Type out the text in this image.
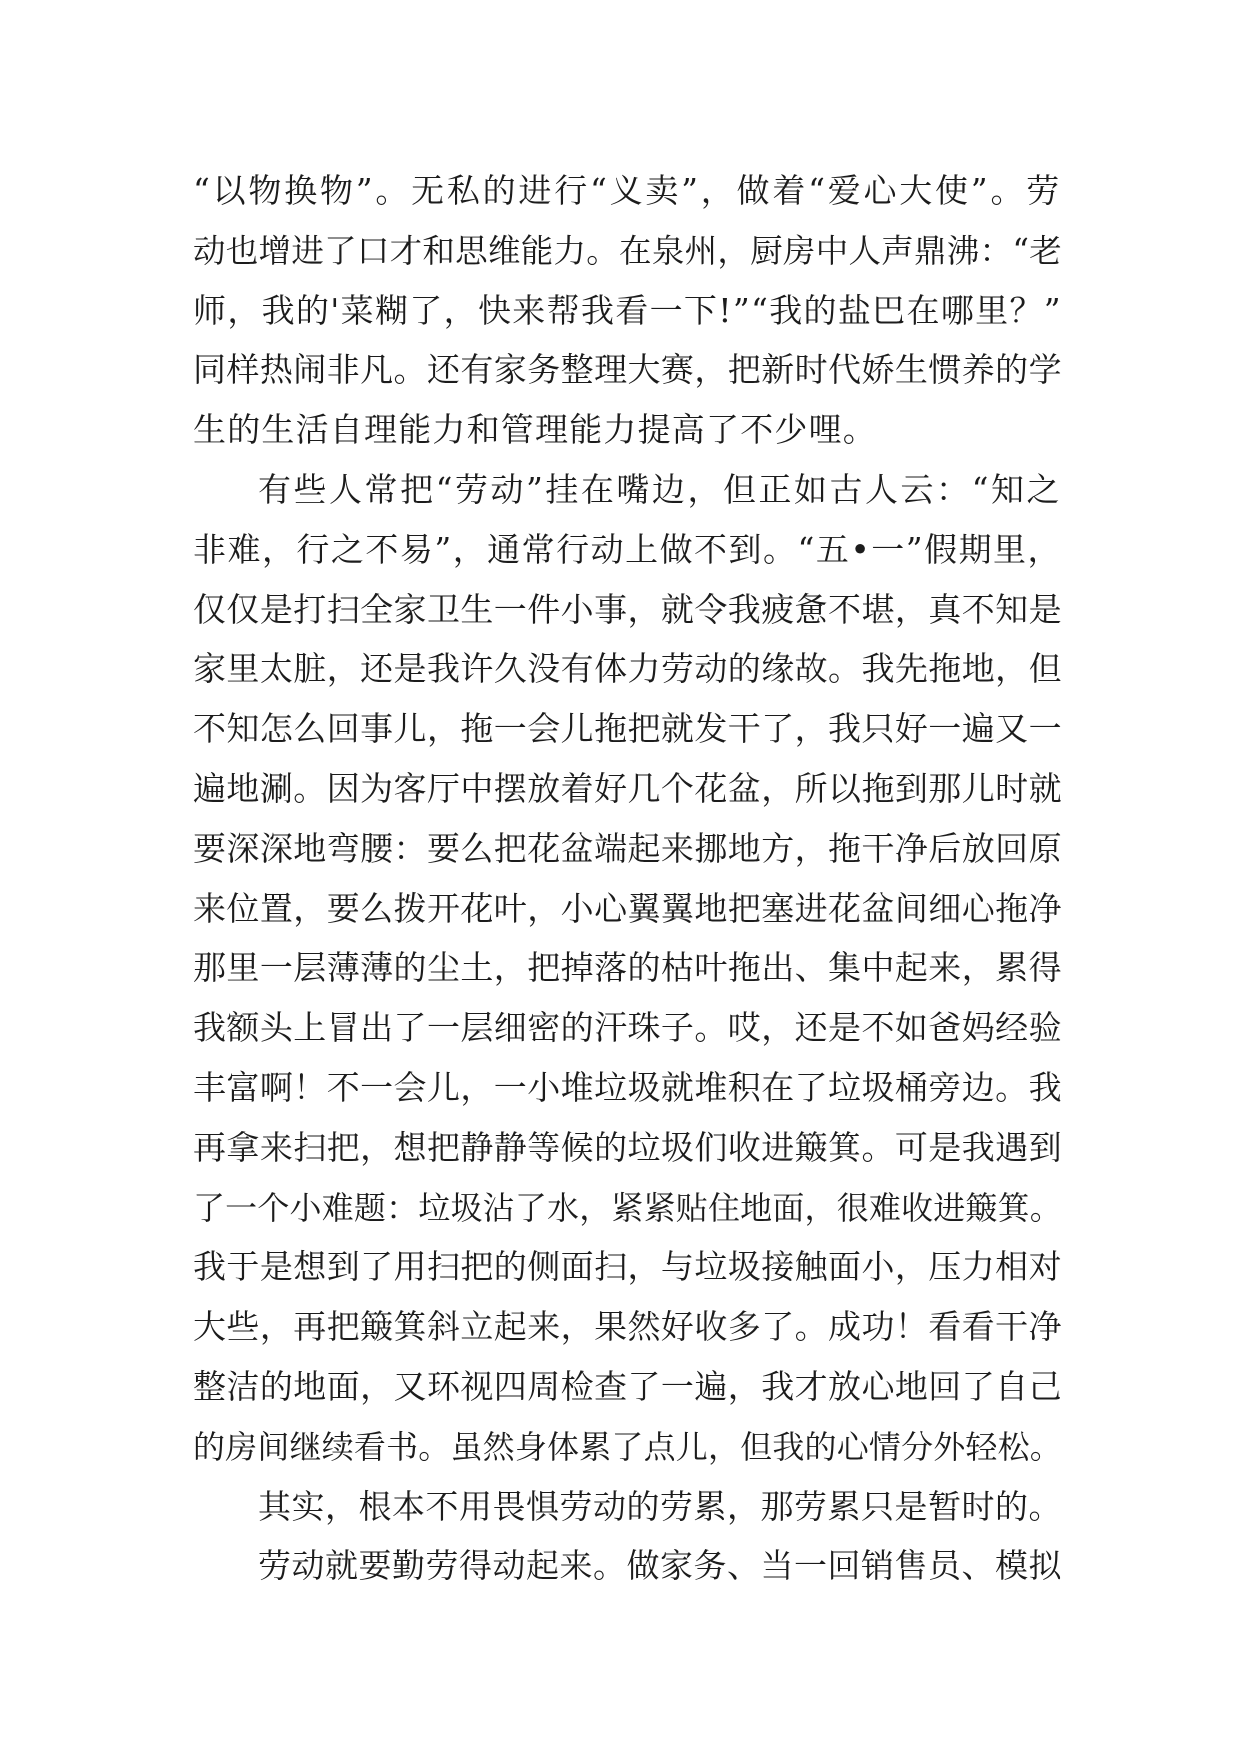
“以物换物”。无私的进行“义卖”，做着“爱心大使”。劳
动也增进了口才和思维能力。在泉州，厨房中人声鼎沸：“老
师，我的'菜糊了，快来帮我看一下!”“我的盐巴在哪里？”
同样热闹非凡。还有家务整理大赛，把新时代娇生惯养的学
生的生活自理能力和管理能力提高了不少哩。
有些人常把“劳动”挂在嘴边，但正如古人云：“知之
非难，行之不易”，通常行动上做不到。“五•一”假期里，
仅仅是打扫全家卫生一件小事，就令我疲惫不堪，真不知是
家里太脏，还是我许久没有体力劳动的缘故。我先拖地，但
不知怎么回事儿，拖一会儿拖把就发干了，我只好一遍又一
遍地涮。因为客厅中摆放着好几个花盆，所以拖到那儿时就
要深深地弯腰：要么把花盆端起来挪地方，拖干净后放回原
来位置，要么拨开花叶，小心翼翼地把塞进花盆间细心拖净
那里一层薄薄的尘土，把掉落的枯叶拖出、集中起来，累得
我额头上冒出了一层细密的汗珠子。哎，还是不如爸妈经验
丰富啊！不一会儿，一小堆垃圾就堆积在了垃圾桶旁边。我
再拿来扫把，想把静静等候的垃圾们收进簸箕。可是我遇到
了一个小难题：垃圾沾了水，紧紧贴住地面，很难收进簸箕。
我于是想到了用扫把的侧面扫，与垃圾接触面小，压力相对
大些，再把簸箕斜立起来，果然好收多了。成功！看看干净
整洁的地面，又环视四周检查了一遍，我才放心地回了自己
的房间继续看书。虽然身体累了点儿，但我的心情分外轻松。
其实，根本不用畏惧劳动的劳累，那劳累只是暂时的。
劳动就要勤劳得动起来。做家务、当一回销售员、模拟
